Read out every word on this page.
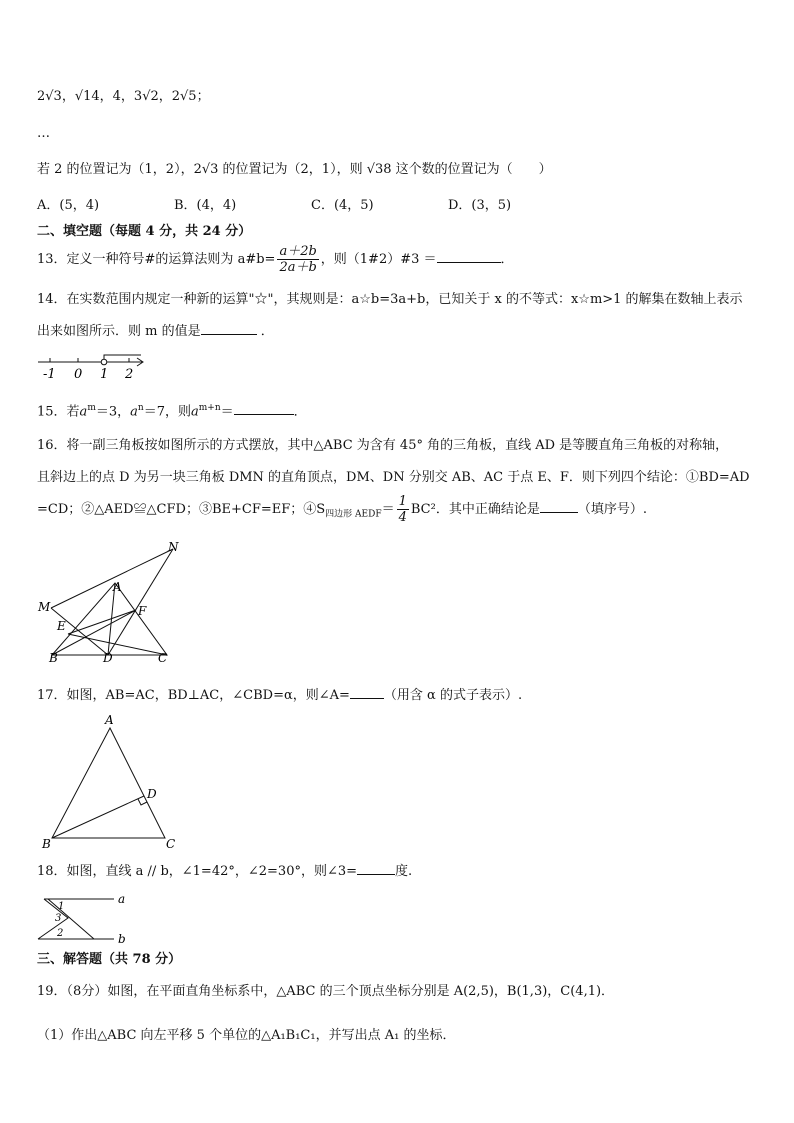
2√3，√14，4，3√2，2√5；
…
若 2 的位置记为（1，2），2√3 的位置记为（2，1），则 √38 这个数的位置记为（　　）
A．(5，4)	B．(4，4)	C．(4，5)	D．(3，5)
二、填空题（每题 4 分，共 24 分）
13．定义一种符号#的运算法则为 a#b= $\frac{a+2b}{2a+b}$ ，则（1#2）#3 ＝	．
14．在实数范围内规定一种新的运算"☆"，其规则是：a☆b=3a+b，已知关于 x 的不等式：x☆m>1 的解集在数轴上表示
出来如图所示．则 m 的值是	．
-1 0 1 2
15．若$a^m=3$，$a^n=7$，则$a^{m+n}=$	．
16．将一副三角板按如图所示的方式摆放，其中△ABC 为含有 45° 角的三角板，直线 AD 是等腰直角三角板的对称轴，
且斜边上的点 D 为另一块三角板 DMN 的直角顶点，DM、DN 分别交 AB、AC 于点 E、F．则下列四个结论：①BD=AD
=CD；②△AED≌△CFD；③BE+CF=EF；$④S_{四边形 AEDF}= \frac{1}{4} BC^2$．其中正确结论是	（填序号）.
N
A
M	F
E
B	D	C
17．如图，AB=AC，BD⊥AC，∠CBD=α，则∠A=	（用含 α 的式子表示）.
A
D
B	C
18．如图，直线 a // b，∠1=42°，∠2=30°，则∠3=	度.
a
b
1
3
2
三、解答题（共 78 分）
19．（8分）如图，在平面直角坐标系中，△ABC 的三个顶点坐标分别是 A(2,5)，B(1,3)，C(4,1)．
（1）作出△ABC 向左平移 5 个单位的△A₁B₁C₁，并写出点 A₁ 的坐标．
